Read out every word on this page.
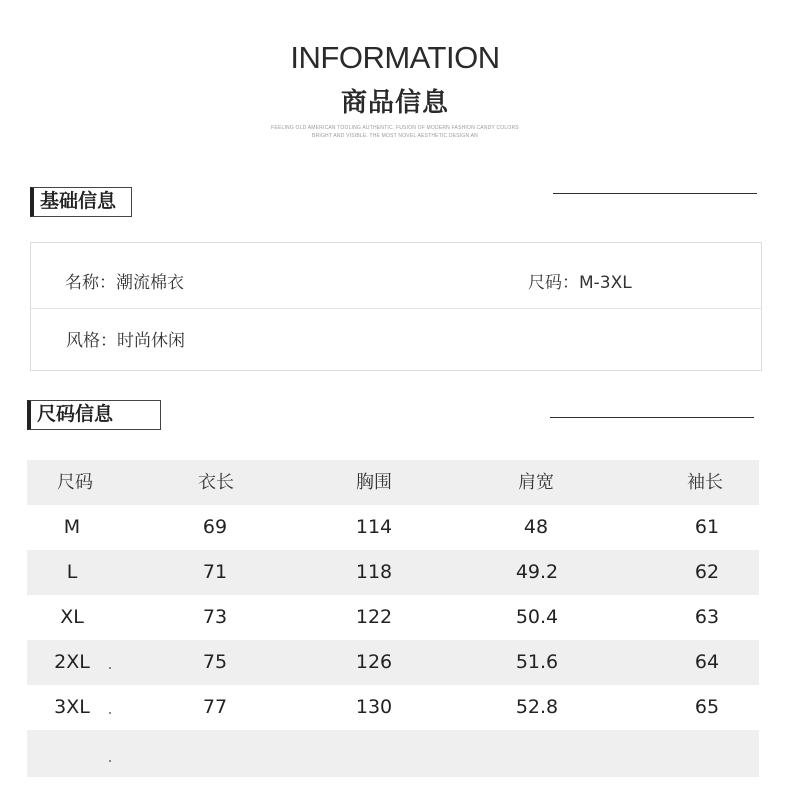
INFORMATION
商品信息
FEELING OLD AMERICAN TOOLING AUTHENTIC. FUSION OF MODERN FASHION CANDY COLORS
BRIGHT AND VISIBLE. THE MOST NOVEL AESTHETIC DESIGN AN
基础信息
名称：潮流棉衣	尺码：M-3XL
风格：时尚休闲
尺码信息
尺码	衣长	胸围	肩宽	袖长
M	69	114	48	61
L	71	118	49.2	62
XL	73	122	50.4	63
2XL	75	126	51.6	64
3XL	77	130	52.8	65
